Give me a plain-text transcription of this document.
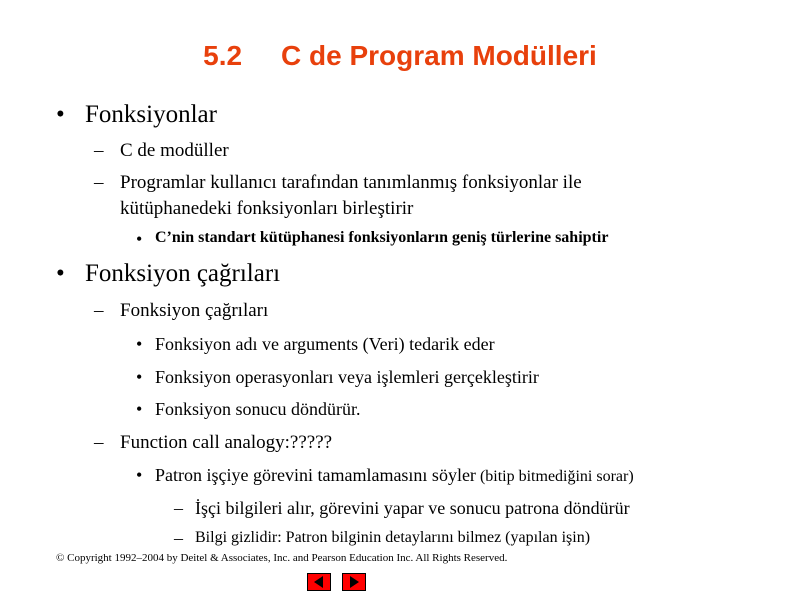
5.2     C de Program Modülleri
• Fonksiyonlar
– C de modüller
– Programlar kullanıcı tarafından tanımlanmış fonksiyonlar ile
kütüphanedeki fonksiyonları birleştirir
• C’nin standart kütüphanesi fonksiyonların geniş türlerine sahiptir
• Fonksiyon çağrıları
– Fonksiyon çağrıları
• Fonksiyon adı ve arguments (Veri) tedarik eder
• Fonksiyon operasyonları veya işlemleri gerçekleştirir
• Fonksiyon sonucu döndürür.
– Function call analogy:?????
• Patron işçiye görevini tamamlamasını söyler (bitip bitmediğini sorar)
– İşçi bilgileri alır, görevini yapar ve sonucu patrona döndürür
– Bilgi gizlidir: Patron bilginin detaylarını bilmez (yapılan işin)
© Copyright 1992–2004 by Deitel & Associates, Inc. and Pearson Education Inc. All Rights Reserved.
